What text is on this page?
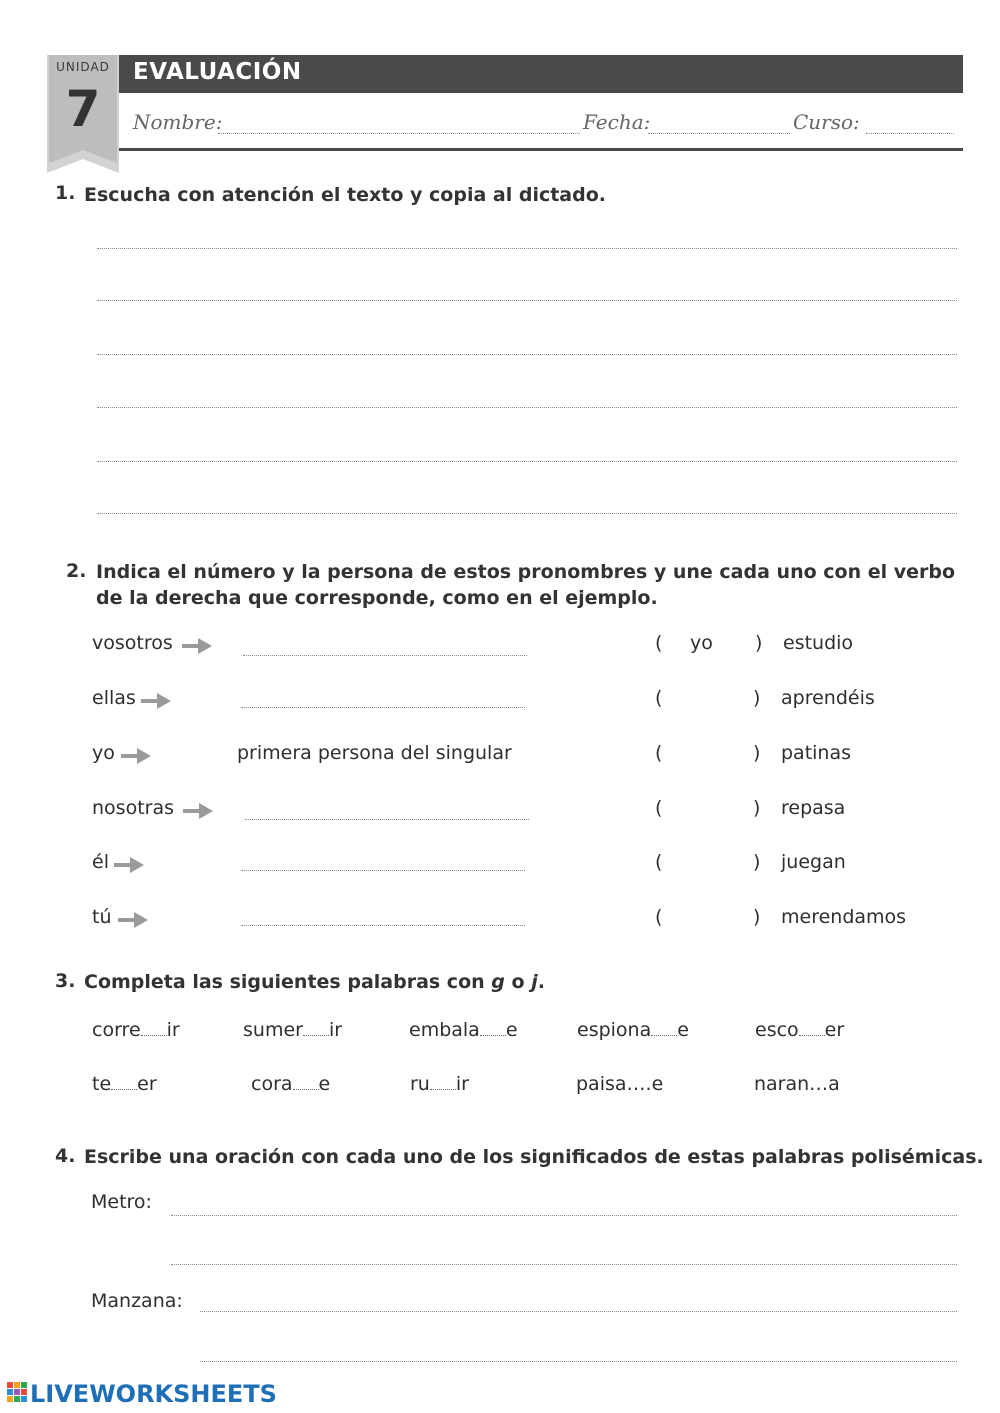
UNIDAD
7
EVALUACIÓN
Nombre:	Fecha:	Curso:
1. Escucha con atención el texto y copia al dictado.
2. Indica el número y la persona de estos pronombres y une cada uno con el verbo
de la derecha que corresponde, como en el ejemplo.
vosotros	( yo ) estudio
ellas	(	) aprendéis
yo	primera persona del singular	(	) patinas
nosotras	(	) repasa
él	(	) juegan
tú	(	) merendamos
3. Completa las siguientes palabras con g o j.
corre ir	sumer ir	embala e	espiona e	esco er
te er	cora e	ru ir	paisa….e	naran…a
4. Escribe una oración con cada uno de los significados de estas palabras polisémicas.
Metro:
Manzana:
LIVEWORKSHEETS
